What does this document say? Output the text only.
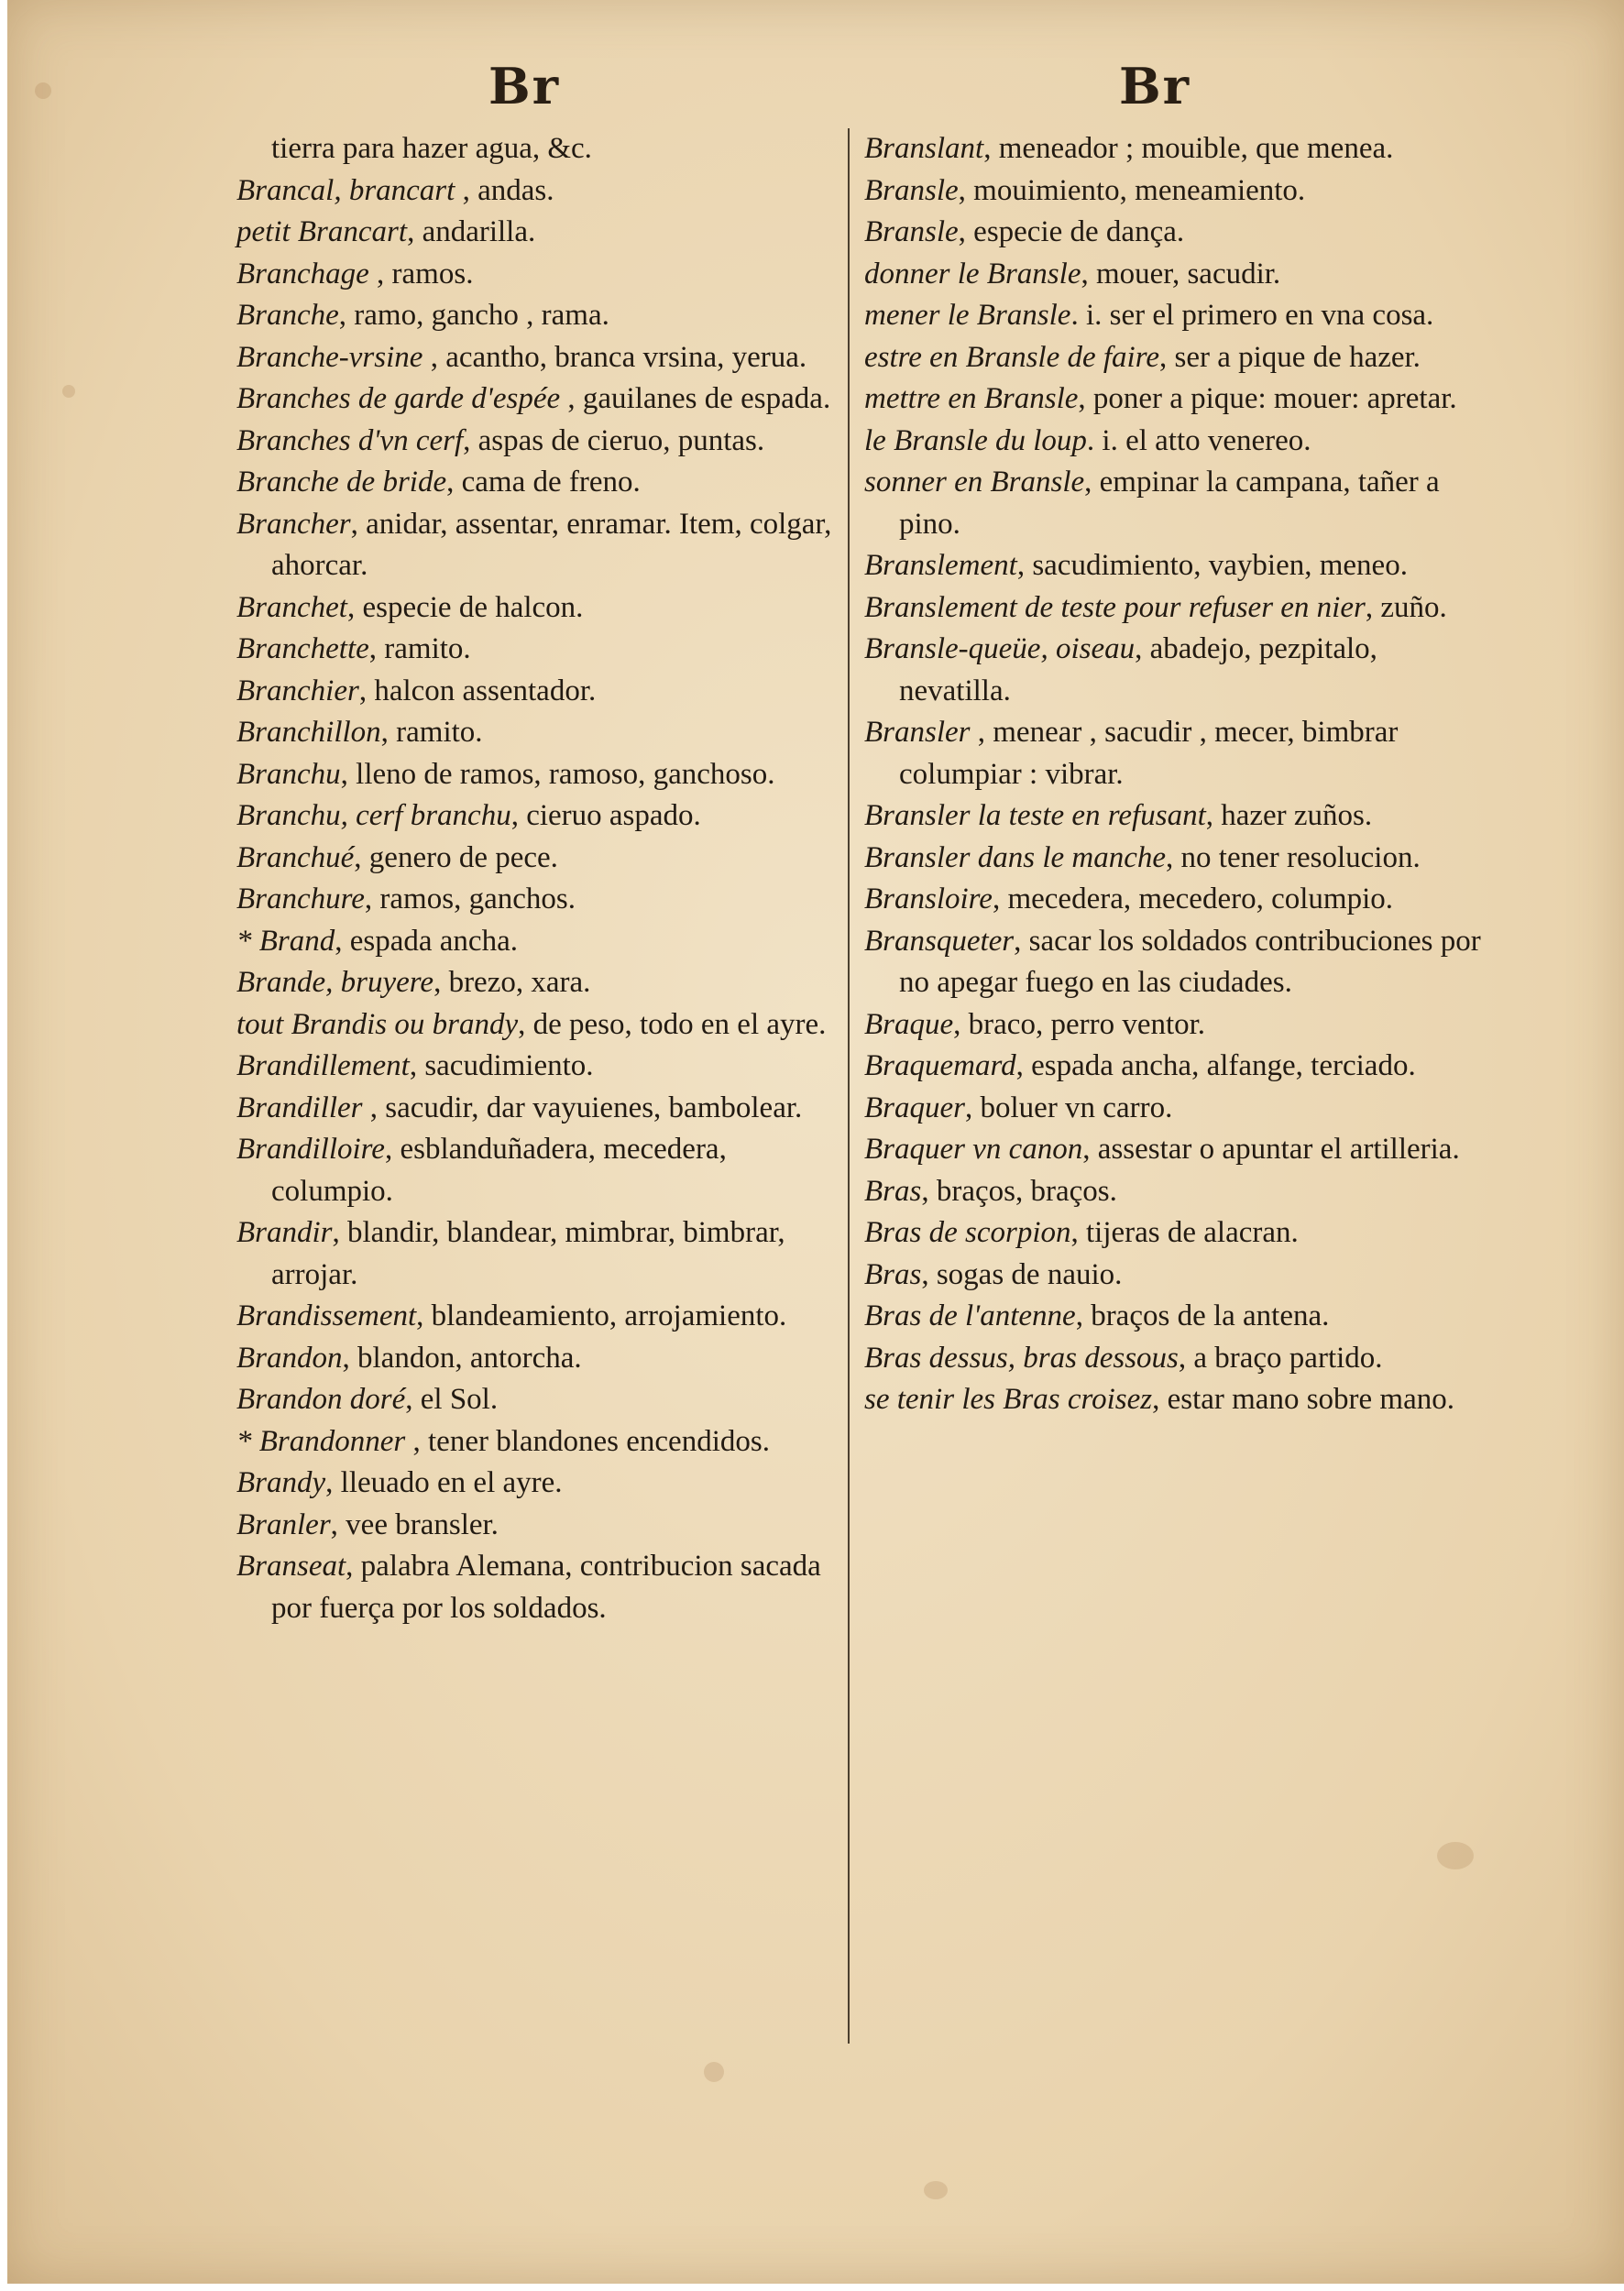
Br	Br

tierra para hazer agua, &c.

Brancal, brancart , andas.

petit Brancart, andarilla.

Branchage , ramos.

Branche, ramo, gancho , rama.

Branche-vrsine , acantho, branca vrsina, yerua.

Branches de garde d'espée , gauilanes de espada.

Branches d'vn cerf, aspas de cieruo, puntas.

Branche de bride, cama de freno.

Brancher, anidar, assentar, enramar. Item, colgar, ahorcar.

Branchet, especie de halcon.

Branchette, ramito.

Branchier, halcon assentador.

Branchillon, ramito.

Branchu, lleno de ramos, ramoso, ganchoso.

Branchu, cerf branchu, cieruo aspado.

Branchué, genero de pece.

Branchure, ramos, ganchos.

* Brand, espada ancha.

Brande, bruyere, brezo, xara.

tout Brandis ou brandy, de peso, todo en el ayre.

Brandillement, sacudimiento.

Brandiller , sacudir, dar vayuienes, bambolear.

Brandilloire, esblanduñadera, mecedera, columpio.

Brandir, blandir, blandear, mimbrar, bimbrar, arrojar.

Brandissement, blandeamiento, arrojamiento.

Brandon, blandon, antorcha.

Brandon doré, el Sol.

* Brandonner , tener blandones encendidos.

Brandy, lleuado en el ayre.

Branler, vee bransler.

Branseat, palabra Alemana, contribucion sacada por fuerça por los soldados.

Branslant, meneador ; mouible, que menea.

Bransle, mouimiento, meneamiento.

Bransle, especie de dança.

donner le Bransle, mouer, sacudir.

mener le Bransle. i. ser el primero en vna cosa.

estre en Bransle de faire, ser a pique de hazer.

mettre en Bransle, poner a pique: mouer: apretar.

le Bransle du loup. i. el atto venereo.

sonner en Bransle, empinar la campana, tañer a pino.

Branslement, sacudimiento, vaybien, meneo.

Branslement de teste pour refuser en nier, zuño.

Bransle-queüe, oiseau, abadejo, pezpitalo, nevatilla.

Bransler , menear , sacudir , mecer, bimbrar columpiar : vibrar.

Bransler la teste en refusant, hazer zuños.

Bransler dans le manche, no tener resolucion.

Bransloire, mecedera, mecedero, columpio.

Bransqueter, sacar los soldados contribuciones por no apegar fuego en las ciudades.

Braque, braco, perro ventor.

Braquemard, espada ancha, alfange, terciado.

Braquer, boluer vn carro.

Braquer vn canon, assestar o apuntar el artilleria.

Bras, braços, braços.

Bras de scorpion, tijeras de alacran.

Bras, sogas de nauio.

Bras de l'antenne, braços de la antena.

Bras dessus, bras dessous, a braço partido.

se tenir les Bras croisez, estar mano sobre mano.
